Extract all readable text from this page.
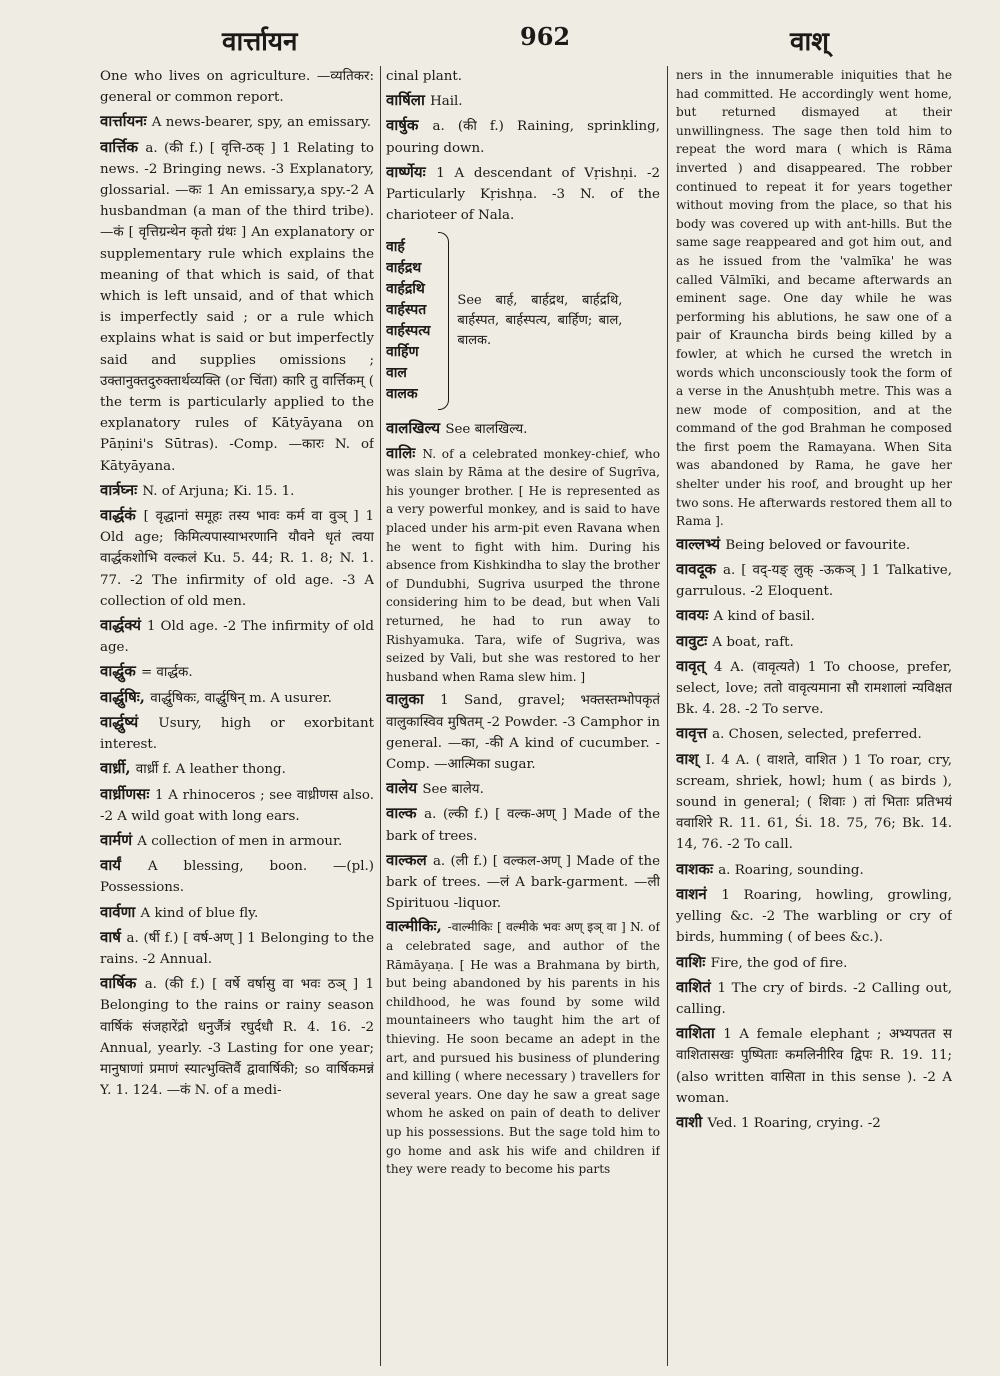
वार्त्तायन	962	वाश्

One who lives on agriculture. —व्यतिकर: general or common report.

वार्त्तायनः A news-bearer, spy, an emissary.

वार्त्तिक a. (की f.) [ वृत्ति-ठक् ] 1 Relating to news. -2 Bringing news. -3 Explanatory, glossarial. —कः 1 An emissary,a spy.-2 A husbandman (a man of the third tribe). —कं [ वृत्तिग्रन्थेन कृतो ग्रंथः ] An explanatory or supplementary rule which explains the meaning of that which is said, of that which is left unsaid, and of that which is imperfectly said ; or a rule which explains what is said or but imperfectly said and supplies omissions ; उक्तानुक्तदुरुक्तार्थव्यक्ति (or चिंता) कारि तु वार्त्तिकम् ( the term is particularly applied to the explanatory rules of Kātyāyana on Pāṇini's Sūtras). -Comp. —कारः N. of Kātyāyana.

वार्त्रघ्नः N. of Arjuna; Ki. 15. 1.

वार्द्धकं [ वृद्धानां समूहः तस्य भावः कर्म वा वुञ् ] 1 Old age; किमित्यपास्याभरणानि यौवने धृतं त्वया वार्द्धकशोभि वल्कलं Ku. 5. 44; R. 1. 8; N. 1. 77. -2 The infirmity of old age. -3 A collection of old men.

वार्द्धक्यं 1 Old age. -2 The infirmity of old age.

वार्द्धुक = वार्द्धक.

वार्द्धुषिः, वार्द्धुषिकः, वार्द्धुषिन् m. A usurer.

वार्द्धुष्यं Usury, high or exorbitant interest.

वार्ध्री, वार्ध्री f. A leather thong.

वार्ध्रीणसः 1 A rhinoceros ; see वाध्रीणस also. -2 A wild goat with long ears.

वार्मणं A collection of men in armour.

वार्यं A blessing, boon. —(pl.) Possessions.

वार्वणा A kind of blue fly.

वार्ष a. (र्षी f.) [ वर्ष-अण् ] 1 Belonging to the rains. -2 Annual.

वार्षिक a. (की f.) [ वर्षे वर्षासु वा भवः ठञ् ] 1 Belonging to the rains or rainy season वार्षिकं संजहारेंद्रो धनुर्जैत्रं रघुर्दधौ R. 4. 16. -2 Annual, yearly. -3 Lasting for one year; मानुषाणां प्रमाणं स्यात्भुक्तिर्वै द्वावार्षिकी; so वार्षिकमन्नं Y. 1. 124. —कं N. of a medi-

cinal plant.

वार्षिला Hail.

वार्षुक a. (की f.) Raining, sprinkling, pouring down.

वार्ष्णेयः 1 A descendant of Vṛishṇi. -2 Particularly Kṛishṇa. -3 N. of the charioteer of Nala.

वार्ह
वार्हद्रथ
वार्हद्रथि
वार्हस्पत
वार्हस्पत्य
वार्हिण
वाल
वालक
See बार्ह, बार्हद्रथ, बार्हद्रथि, बार्हस्पत, बार्हस्पत्य, बार्हिण; बाल, बालक.

वालखिल्य See बालखिल्य.

वालिः N. of a celebrated monkey-chief, who was slain by Rāma at the desire of Sugrīva, his younger brother. [ He is represented as a very powerful monkey, and is said to have placed under his arm-pit even Ravana when he went to fight with him. During his absence from Kishkindha to slay the brother of Dundubhi, Sugriva usurped the throne considering him to be dead, but when Vali returned, he had to run away to Rishyamuka. Tara, wife of Sugriva, was seized by Vali, but she was restored to her husband when Rama slew him. ]

वालुका 1 Sand, gravel; भक्तस्तम्भोपकृतं वालुकास्विव मुषितम् -2 Powder. -3 Camphor in general. —का, -की A kind of cucumber. -Comp. —आत्मिका sugar.

वालेय See बालेय.

वाल्क a. (ल्की f.) [ वल्क-अण् ] Made of the bark of trees.

वाल्कल a. (ली f.) [ वल्कल-अण् ] Made of the bark of trees. —लं A bark-garment. —ली Spirituou -liquor.

वाल्मीकिः, -वाल्मीकिः [ वल्मीके भवः अण् इञ् वा ] N. of a celebrated sage, and author of the Rāmāyaṇa. [ He was a Brahmana by birth, but being abandoned by his parents in his childhood, he was found by some wild mountaineers who taught him the art of thieving. He soon became an adept in the art, and pursued his business of plundering and killing ( where necessary ) travellers for several years. One day he saw a great sage whom he asked on pain of death to deliver up his possessions. But the sage told him to go home and ask his wife and children if they were ready to become his parts

ners in the innumerable iniquities that he had committed. He accordingly went home, but returned dismayed at their unwillingness. The sage then told him to repeat the word mara ( which is Rāma inverted ) and disappeared. The robber continued to repeat it for years together without moving from the place, so that his body was covered up with ant-hills. But the same sage reappeared and got him out, and as he issued from the 'valmīka' he was called Vālmīki, and became afterwards an eminent sage. One day while he was performing his ablutions, he saw one of a pair of Krauncha birds being killed by a fowler, at which he cursed the wretch in words which unconsciously took the form of a verse in the Anushṭubh metre. This was a new mode of composition, and at the command of the god Brahman he composed the first poem the Ramayana. When Sita was abandoned by Rama, he gave her shelter under his roof, and brought up her two sons. He afterwards restored them all to Rama ].

वाल्लभ्यं Being beloved or favourite.

वावदूक a. [ वद्-यङ् लुक् -ऊकञ् ] 1 Talkative, garrulous. -2 Eloquent.

वावयः A kind of basil.

वावुटः A boat, raft.

वावृत् 4 A. (वावृत्यते) 1 To choose, prefer, select, love; ततो वावृत्यमाना सौ रामशालां न्यविक्षत Bk. 4. 28. -2 To serve.

वावृत्त a. Chosen, selected, preferred.

वाश् I. 4 A. ( वाशते, वाशित ) 1 To roar, cry, scream, shriek, howl; hum ( as birds ), sound in general; ( शिवाः ) तां भिताः प्रतिभयं ववाशिरे R. 11. 61, Śi. 18. 75, 76; Bk. 14. 14, 76. -2 To call.

वाशकः a. Roaring, sounding.

वाशनं 1 Roaring, howling, growling, yelling &c. -2 The warbling or cry of birds, humming ( of bees &c.).

वाशिः Fire, the god of fire.

वाशितं 1 The cry of birds. -2 Calling out, calling.

वाशिता 1 A female elephant ; अभ्यपतत स वाशितासखः पुष्पिताः कमलिनीरिव द्विपः R. 19. 11; (also written वासिता in this sense ). -2 A woman.

वाशी Ved. 1 Roaring, crying. -2
